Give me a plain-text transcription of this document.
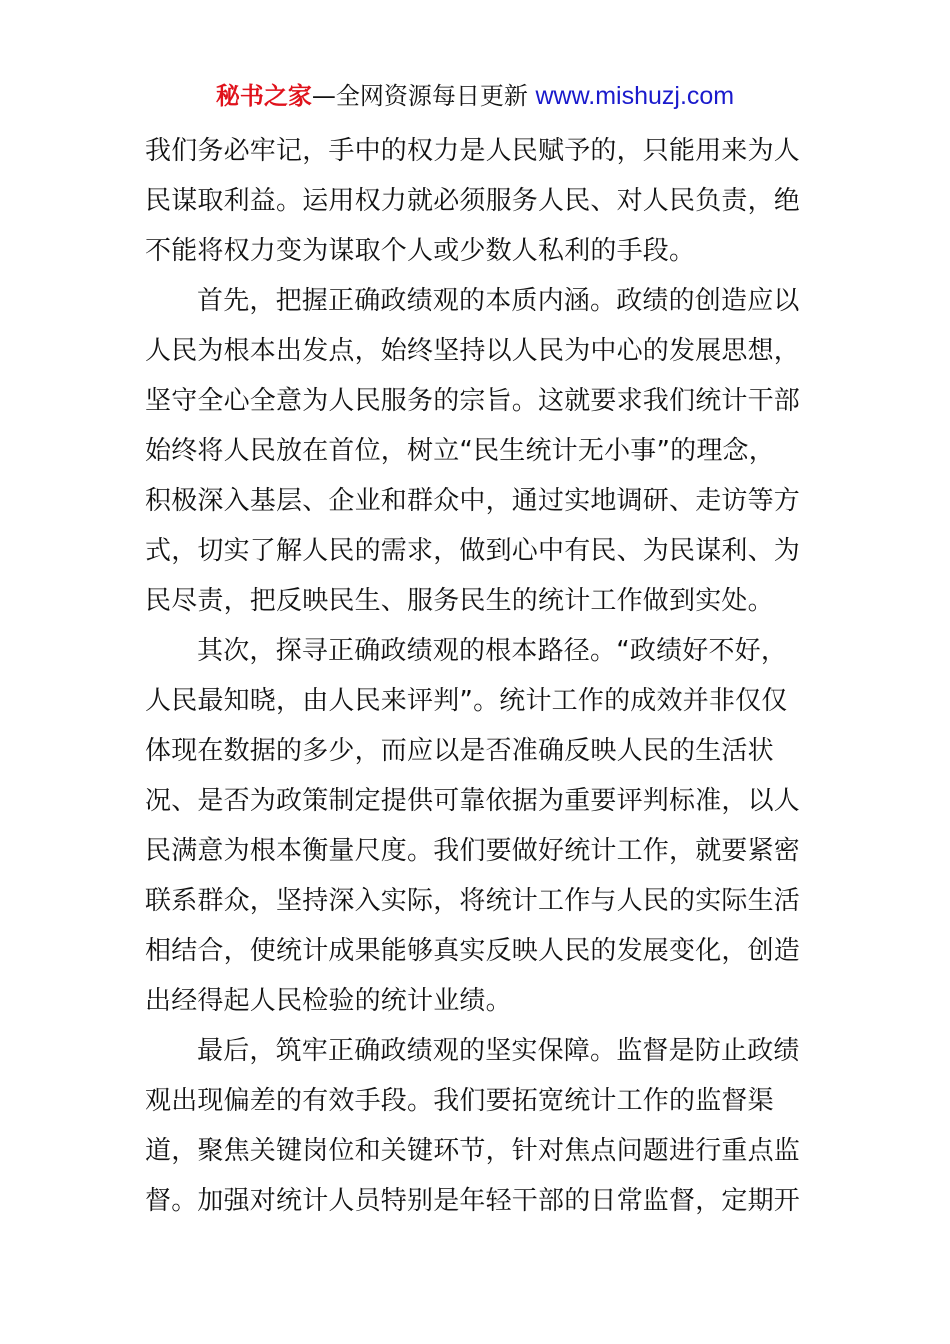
秘书之家—全网资源每日更新 www.mishuzj.com
我们务必牢记，手中的权力是人民赋予的，只能用来为人
民谋取利益。运用权力就必须服务人民、对人民负责，绝
不能将权力变为谋取个人或少数人私利的手段。
首先，把握正确政绩观的本质内涵。政绩的创造应以
人民为根本出发点，始终坚持以人民为中心的发展思想，
坚守全心全意为人民服务的宗旨。这就要求我们统计干部
始终将人民放在首位，树立“民生统计无小事”的理念，
积极深入基层、企业和群众中，通过实地调研、走访等方
式，切实了解人民的需求，做到心中有民、为民谋利、为
民尽责，把反映民生、服务民生的统计工作做到实处。
其次，探寻正确政绩观的根本路径。“政绩好不好，
人民最知晓，由人民来评判”。统计工作的成效并非仅仅
体现在数据的多少，而应以是否准确反映人民的生活状
况、是否为政策制定提供可靠依据为重要评判标准，以人
民满意为根本衡量尺度。我们要做好统计工作，就要紧密
联系群众，坚持深入实际，将统计工作与人民的实际生活
相结合，使统计成果能够真实反映人民的发展变化，创造
出经得起人民检验的统计业绩。
最后，筑牢正确政绩观的坚实保障。监督是防止政绩
观出现偏差的有效手段。我们要拓宽统计工作的监督渠
道，聚焦关键岗位和关键环节，针对焦点问题进行重点监
督。加强对统计人员特别是年轻干部的日常监督，定期开
